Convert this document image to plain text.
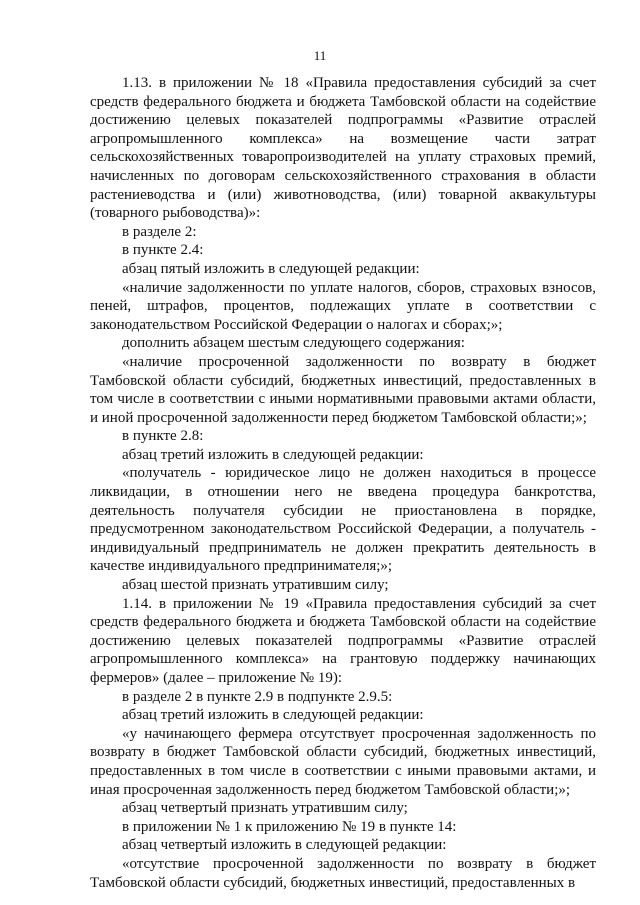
11

1.13. в приложении № 18 «Правила предоставления субсидий за счет средств федерального бюджета и бюджета Тамбовской области на содействие достижению целевых показателей подпрограммы «Развитие отраслей агропромышленного комплекса» на возмещение части затрат сельскохозяйственных товаропроизводителей на уплату страховых премий, начисленных по договорам сельскохозяйственного страхования в области растениеводства и (или) животноводства, (или) товарной аквакультуры (товарного рыбоводства)»:

в разделе 2:

в пункте 2.4:

абзац пятый изложить в следующей редакции:

«наличие задолженности по уплате налогов, сборов, страховых взносов, пеней, штрафов, процентов, подлежащих уплате в соответствии с законодательством Российской Федерации о налогах и сборах;»;

дополнить абзацем шестым следующего содержания:

«наличие просроченной задолженности по возврату в бюджет Тамбовской области субсидий, бюджетных инвестиций, предоставленных в том числе в соответствии с иными нормативными правовыми актами области, и иной просроченной задолженности перед бюджетом Тамбовской области;»;

в пункте 2.8:

абзац третий изложить в следующей редакции:

«получатель - юридическое лицо не должен находиться в процессе ликвидации, в отношении него не введена процедура банкротства, деятельность получателя субсидии не приостановлена в порядке, предусмотренном законодательством Российской Федерации, а получатель - индивидуальный предприниматель не должен прекратить деятельность в качестве индивидуального предпринимателя;»;

абзац шестой признать утратившим силу;

1.14. в приложении № 19 «Правила предоставления субсидий за счет средств федерального бюджета и бюджета Тамбовской области на содействие достижению целевых показателей подпрограммы «Развитие отраслей агропромышленного комплекса» на грантовую поддержку начинающих фермеров» (далее – приложение № 19):

в разделе 2 в пункте 2.9 в подпункте 2.9.5:

абзац третий изложить в следующей редакции:

«у начинающего фермера отсутствует просроченная задолженность по возврату в бюджет Тамбовской области субсидий, бюджетных инвестиций, предоставленных в том числе в соответствии с иными правовыми актами, и иная просроченная задолженность перед бюджетом Тамбовской области;»;

абзац четвертый признать утратившим силу;

в приложении № 1 к приложению № 19 в пункте 14:

абзац четвертый изложить в следующей редакции:

«отсутствие просроченной задолженности по возврату в бюджет Тамбовской области субсидий, бюджетных инвестиций, предоставленных в
